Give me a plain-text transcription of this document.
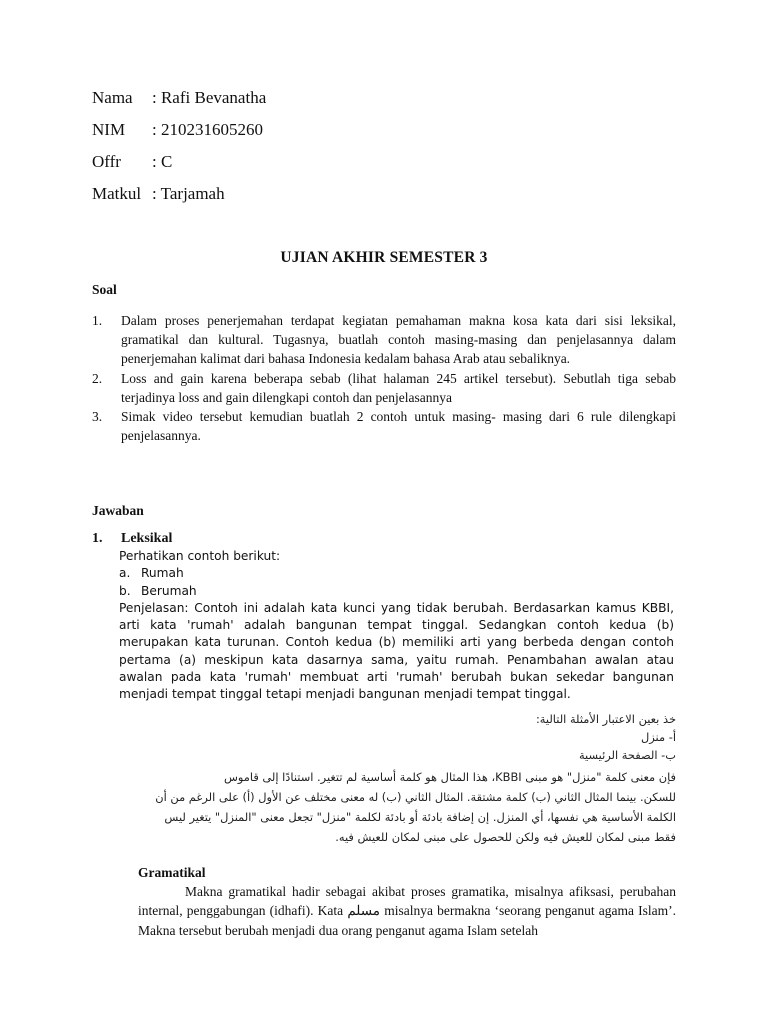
Nama : Rafi Bevanatha
NIM : 210231605260
Offr : C
Matkul : Tarjamah
UJIAN AKHIR SEMESTER 3
Soal
1.	Dalam proses penerjemahan terdapat kegiatan pemahaman makna kosa kata dari sisi leksikal, gramatikal dan kultural. Tugasnya, buatlah contoh masing-masing dan penjelasannya dalam penerjemahan kalimat dari bahasa Indonesia kedalam bahasa Arab atau sebaliknya.
2.	Loss and gain karena beberapa sebab (lihat halaman 245 artikel tersebut). Sebutlah tiga sebab terjadinya loss and gain dilengkapi contoh dan penjelasannya
3.	Simak video tersebut kemudian buatlah 2 contoh untuk masing- masing dari 6 rule dilengkapi penjelasannya.
Jawaban
1. Leksikal
Perhatikan contoh berikut:
a. Rumah
b. Berumah
Penjelasan: Contoh ini adalah kata kunci yang tidak berubah. Berdasarkan kamus KBBI, arti kata 'rumah' adalah bangunan tempat tinggal. Sedangkan contoh kedua (b) merupakan kata turunan. Contoh kedua (b) memiliki arti yang berbeda dengan contoh pertama (a) meskipun kata dasarnya sama, yaitu rumah. Penambahan awalan atau awalan pada kata 'rumah' membuat arti 'rumah' berubah bukan sekedar bangunan menjadi tempat tinggal tetapi menjadi bangunan menjadi tempat tinggal.
خذ بعين الاعتبار الأمثلة التالية:
أ- منزل
ب- الصفحة الرئيسية
فإن معنى كلمة "منزل" هو مبنى KBBI، هذا المثال هو كلمة أساسية لم تتغير. استنادًا إلى قاموس
للسكن. بينما المثال الثاني (ب) كلمة مشتقة. المثال الثاني (ب) له معنى مختلف عن الأول (أ) على الرغم من أن
الكلمة الأساسية هي نفسها، أي المنزل. إن إضافة بادئة أو بادئة لكلمة "منزل" تجعل معنى "المنزل" يتغير ليس
فقط مبنى لمكان للعيش فيه ولكن للحصول على مبنى لمكان للعيش فيه.
Gramatikal

Makna gramatikal hadir sebagai akibat proses gramatika, misalnya afiksasi, perubahan internal, penggabungan (idhafi). Kata مسلم misalnya bermakna ‘seorang penganut agama Islam’. Makna tersebut berubah menjadi dua orang penganut agama Islam setelah
